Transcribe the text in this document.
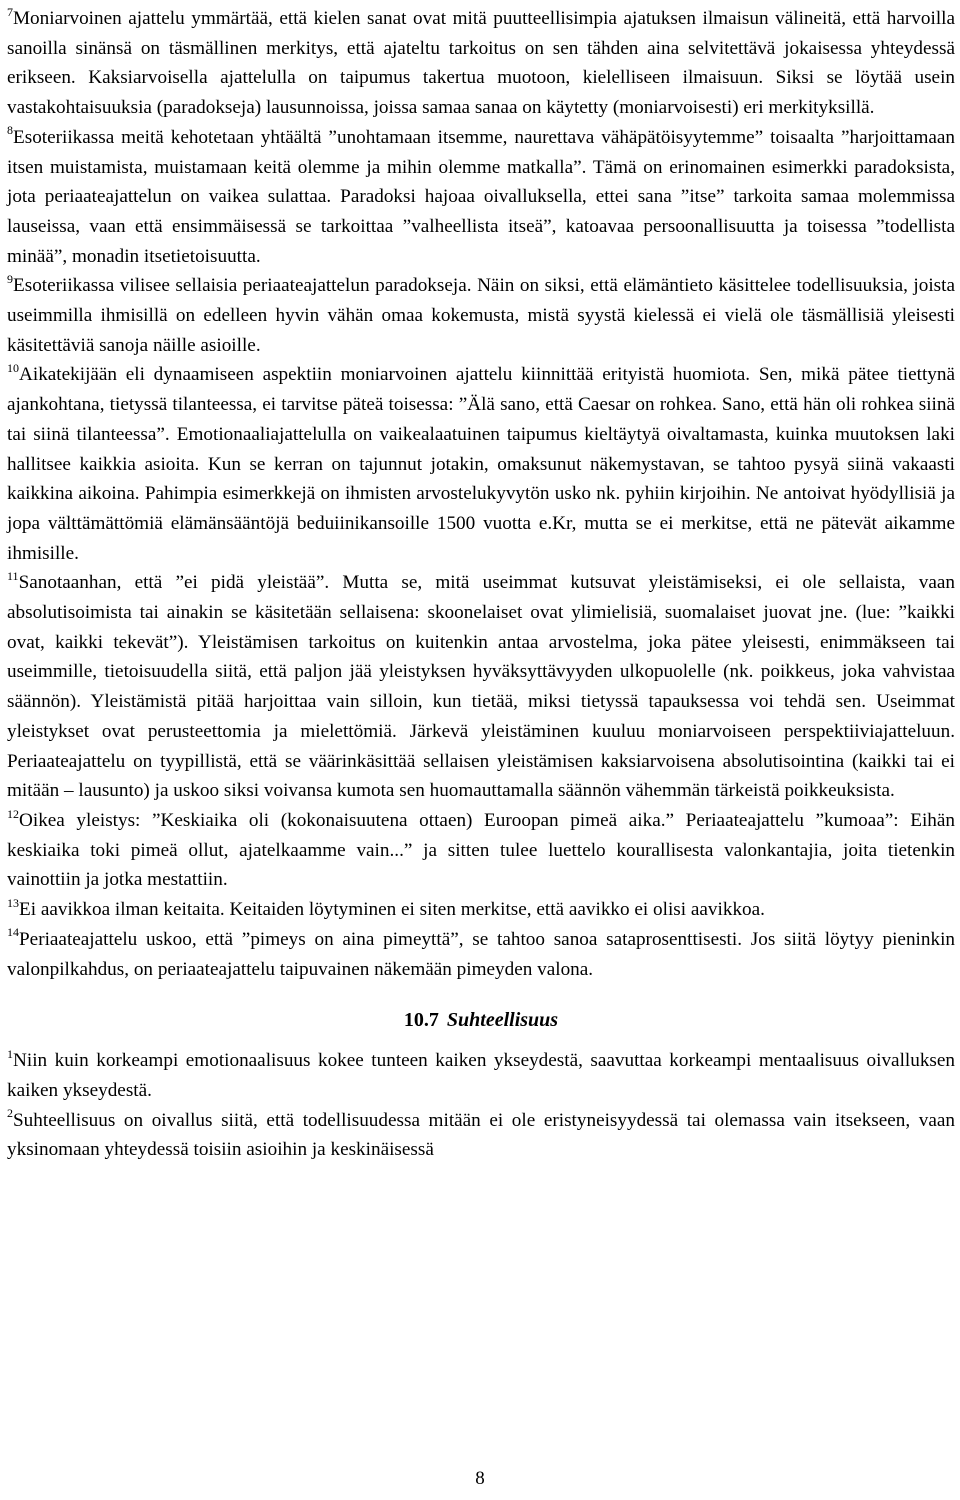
$^7$Moniarvoinen ajattelu ymmärtää, että kielen sanat ovat mitä puutteellisimpia ajatuksen ilmaisun välineitä, että harvoilla sanoilla sinänsä on täsmällinen merkitys, että ajateltu tarkoitus on sen tähden aina selvitettävä jokaisessa yhteydessä erikseen. Kaksiarvoisella ajattelulla on taipumus takertua muotoon, kielelliseen ilmaisuun. Siksi se löytää usein vastakohtaisuuksia (paradokseja) lausunnoissa, joissa samaa sanaa on käytetty (moniarvoisesti) eri merkityksillä.

$^8$Esoteriikassa meitä kehotetaan yhtäältä ”unohtamaan itsemme, naurettava vähäpätöisyytemme” toisaalta ”harjoittamaan itsen muistamista, muistamaan keitä olemme ja mihin olemme matkalla”. Tämä on erinomainen esimerkki paradoksista, jota periaateajattelun on vaikea sulattaa. Paradoksi hajoaa oivalluksella, ettei sana ”itse” tarkoita samaa molemmissa lauseissa, vaan että ensimmäisessä se tarkoittaa ”valheellista itseä”, katoavaa persoonallisuutta ja toisessa ”todellista minää”, monadin itsetietoisuutta.

$^9$Esoteriikassa vilisee sellaisia periaateajattelun paradokseja. Näin on siksi, että elämäntieto käsittelee todellisuuksia, joista useimmilla ihmisillä on edelleen hyvin vähän omaa kokemusta, mistä syystä kielessä ei vielä ole täsmällisiä yleisesti käsitettäviä sanoja näille asioille.

$^{10}$Aikatekijään eli dynaamiseen aspektiin moniarvoinen ajattelu kiinnittää erityistä huomiota. Sen, mikä pätee tiettynä ajankohtana, tietyssä tilanteessa, ei tarvitse päteä toisessa: ”Älä sano, että Caesar on rohkea. Sano, että hän oli rohkea siinä tai siinä tilanteessa”. Emotionaaliajattelulla on vaikealaatuinen taipumus kieltäytyä oivaltamasta, kuinka muutoksen laki hallitsee kaikkia asioita. Kun se kerran on tajunnut jotakin, omaksunut näkemystavan, se tahtoo pysyä siinä vakaasti kaikkina aikoina. Pahimpia esimerkkejä on ihmisten arvostelukyvytön usko nk. pyhiin kirjoihin. Ne antoivat hyödyllisiä ja jopa välttämättömiä elämänsääntöjä beduiinikansoille 1500 vuotta e.Kr, mutta se ei merkitse, että ne pätevät aikamme ihmisille.

$^{11}$Sanotaanhan, että ”ei pidä yleistää”. Mutta se, mitä useimmat kutsuvat yleistämiseksi, ei ole sellaista, vaan absolutisoimista tai ainakin se käsitetään sellaisena: skoonelaiset ovat ylimielisiä, suomalaiset juovat jne. (lue: ”kaikki ovat, kaikki tekevät”). Yleistämisen tarkoitus on kuitenkin antaa arvostelma, joka pätee yleisesti, enimmäkseen tai useimmille, tietoisuudella siitä, että paljon jää yleistyksen hyväksyttävyyden ulkopuolelle (nk. poikkeus, joka vahvistaa säännön). Yleistämistä pitää harjoittaa vain silloin, kun tietää, miksi tietyssä tapauksessa voi tehdä sen. Useimmat yleistykset ovat perusteettomia ja mielettömiä. Järkevä yleistäminen kuuluu moniarvoiseen perspektiiviajatteluun. Periaateajattelu on tyypillistä, että se väärinkäsittää sellaisen yleistämisen kaksiarvoisena absolutisointina (kaikki tai ei mitään – lausunto) ja uskoo siksi voivansa kumota sen huomauttamalla säännön vähemmän tärkeistä poikkeuksista.

$^{12}$Oikea yleistys: ”Keskiaika oli (kokonaisuutena ottaen) Euroopan pimeä aika.” Periaateajattelu ”kumoaa”: Eihän keskiaika toki pimeä ollut, ajatelkaamme vain...” ja sitten tulee luettelo kourallisesta valonkantajia, joita tietenkin vainottiin ja jotka mestattiin.

$^{13}$Ei aavikkoa ilman keitaita. Keitaiden löytyminen ei siten merkitse, että aavikko ei olisi aavikkoa.

$^{14}$Periaateajattelu uskoo, että ”pimeys on aina pimeyttä”, se tahtoo sanoa sataprosenttisesti. Jos siitä löytyy pieninkin valonpilkahdus, on periaateajattelu taipuvainen näkemään pimeyden valona.

10.7 Suhteellisuus

$^1$Niin kuin korkeampi emotionaalisuus kokee tunteen kaiken ykseydestä, saavuttaa korkeampi mentaalisuus oivalluksen kaiken ykseydestä.

$^2$Suhteellisuus on oivallus siitä, että todellisuudessa mitään ei ole eristyneisyydessä tai olemassa vain itsekseen, vaan yksinomaan yhteydessä toisiin asioihin ja keskinäisessä

8
